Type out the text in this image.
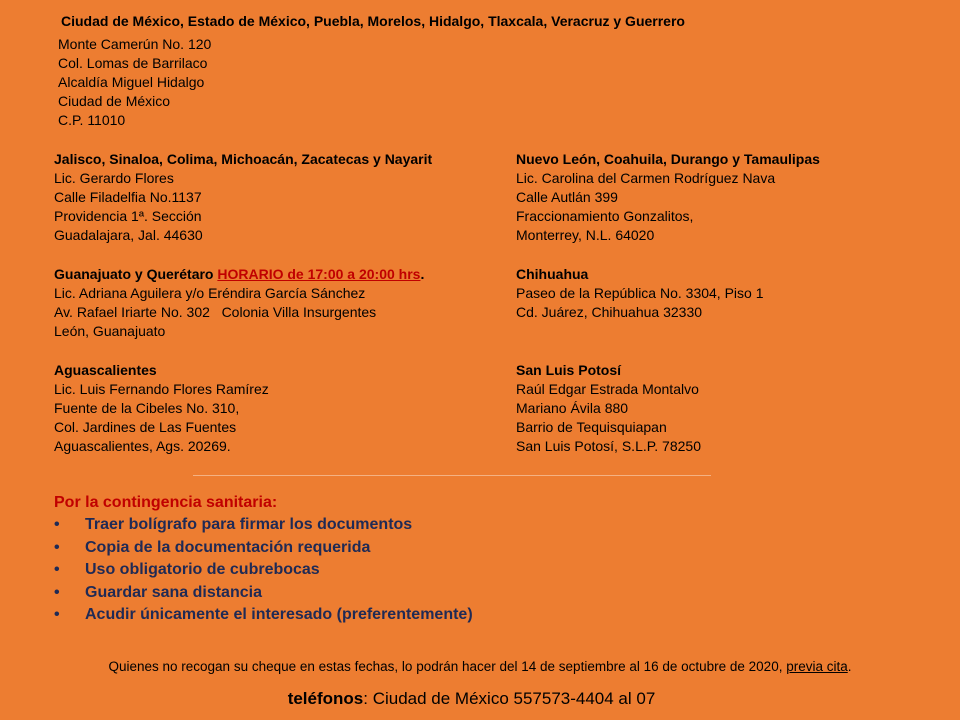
Ciudad de México, Estado de México, Puebla, Morelos, Hidalgo, Tlaxcala, Veracruz y Guerrero
Monte Camerún No. 120
Col. Lomas de Barrilaco
Alcaldía Miguel Hidalgo
Ciudad de México
C.P. 11010
Jalisco, Sinaloa, Colima, Michoacán, Zacatecas y Nayarit
Lic. Gerardo Flores
Calle Filadelfia No.1137
Providencia 1ª. Sección
Guadalajara, Jal. 44630
Nuevo León, Coahuila, Durango y Tamaulipas
Lic. Carolina del Carmen Rodríguez Nava
Calle Autlán 399
Fraccionamiento Gonzalitos,
Monterrey, N.L. 64020
Guanajuato y Querétaro HORARIO de 17:00 a 20:00 hrs.
Lic. Adriana Aguilera y/o Eréndira García Sánchez
Av. Rafael Iriarte No. 302   Colonia Villa Insurgentes
León, Guanajuato
Chihuahua
Paseo de la República No. 3304, Piso 1
Cd. Juárez, Chihuahua 32330
Aguascalientes
Lic. Luis Fernando Flores Ramírez
Fuente de la Cibeles No. 310,
Col. Jardines de Las Fuentes
Aguascalientes, Ags. 20269.
San Luis Potosí
Raúl Edgar Estrada Montalvo
Mariano Ávila 880
Barrio de Tequisquiapan
San Luis Potosí, S.L.P. 78250
Por la contingencia sanitaria:
• Traer bolígrafo para firmar los documentos
• Copia de la documentación requerida
• Uso obligatorio de cubrebocas
• Guardar sana distancia
• Acudir únicamente el interesado (preferentemente)
Quienes no recogan su cheque en estas fechas, lo podrán hacer del 14 de septiembre al 16 de octubre de 2020, previa cita.
teléfonos: Ciudad de México 557573-4404 al 07
